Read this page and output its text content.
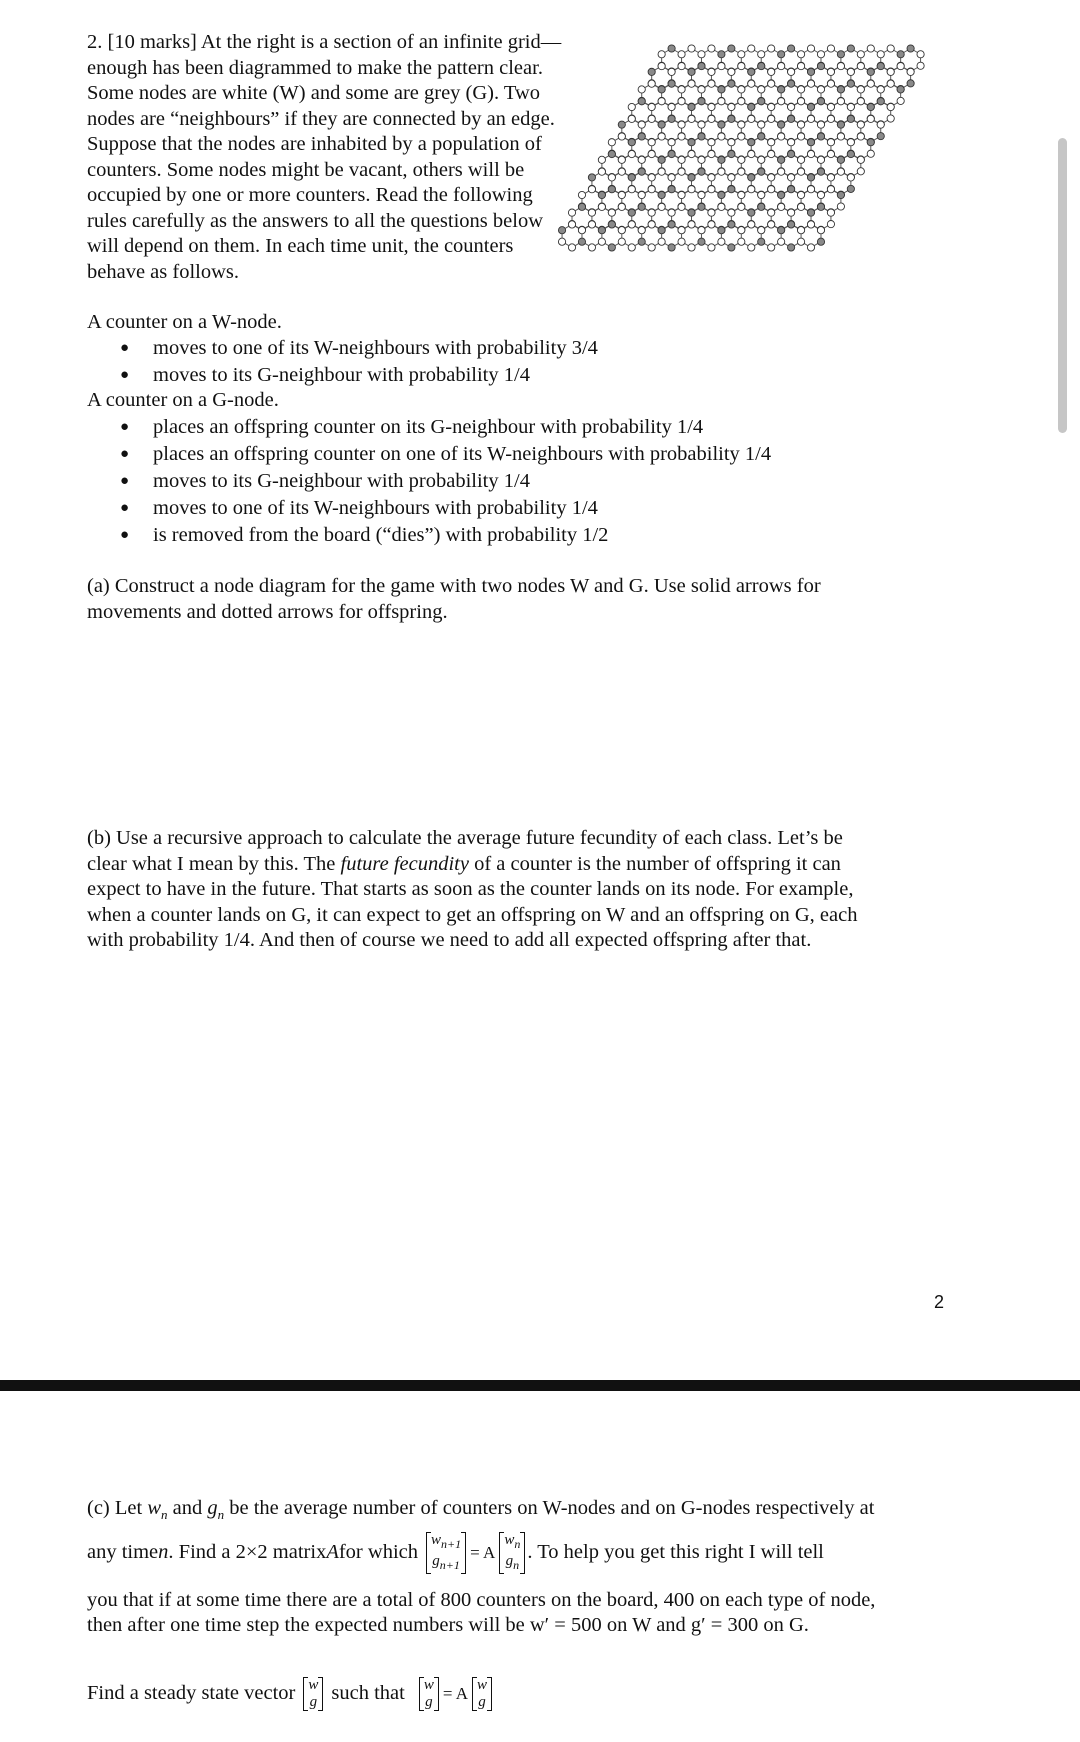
2. [10 marks] At the right is a section of an infinite grid—
enough has been diagrammed to make the pattern clear.
Some nodes are white (W) and some are grey (G). Two
nodes are “neighbours” if they are connected by an edge.
Suppose that the nodes are inhabited by a population of
counters. Some nodes might be vacant, others will be
occupied by one or more counters. Read the following
rules carefully as the answers to all the questions below
will depend on them. In each time unit, the counters
behave as follows.
A counter on a W-node.
● moves to one of its W-neighbours with probability 3/4
● moves to its G-neighbour with probability 1/4
A counter on a G-node.
● places an offspring counter on its G-neighbour with probability 1/4
● places an offspring counter on one of its W-neighbours with probability 1/4
● moves to its G-neighbour with probability 1/4
● moves to one of its W-neighbours with probability 1/4
● is removed from the board (“dies”) with probability 1/2
(a) Construct a node diagram for the game with two nodes W and G. Use solid arrows for
movements and dotted arrows for offspring.
(b) Use a recursive approach to calculate the average future fecundity of each class. Let’s be
clear what I mean by this. The future fecundity of a counter is the number of offspring it can
expect to have in the future. That starts as soon as the counter lands on its node. For example,
when a counter lands on G, it can expect to get an offspring on W and an offspring on G, each
with probability 1/4. And then of course we need to add all expected offspring after that.
2
(c) Let $w_n$ and $g_n$ be the average number of counters on W-nodes and on G-nodes respectively at
any time n . Find a 2×2 matrix A for which
$w_{n+1}$
$g_{n+1}$
= A
$w_n$
$g_n$
. To help you get this right I will tell
you that if at some time there are a total of 800 counters on the board, 400 on each type of node,
then after one time step the expected numbers will be w′ = 500 on W and g′ = 300 on G.
Find a steady state vector w
g such that w
g = A w
g
